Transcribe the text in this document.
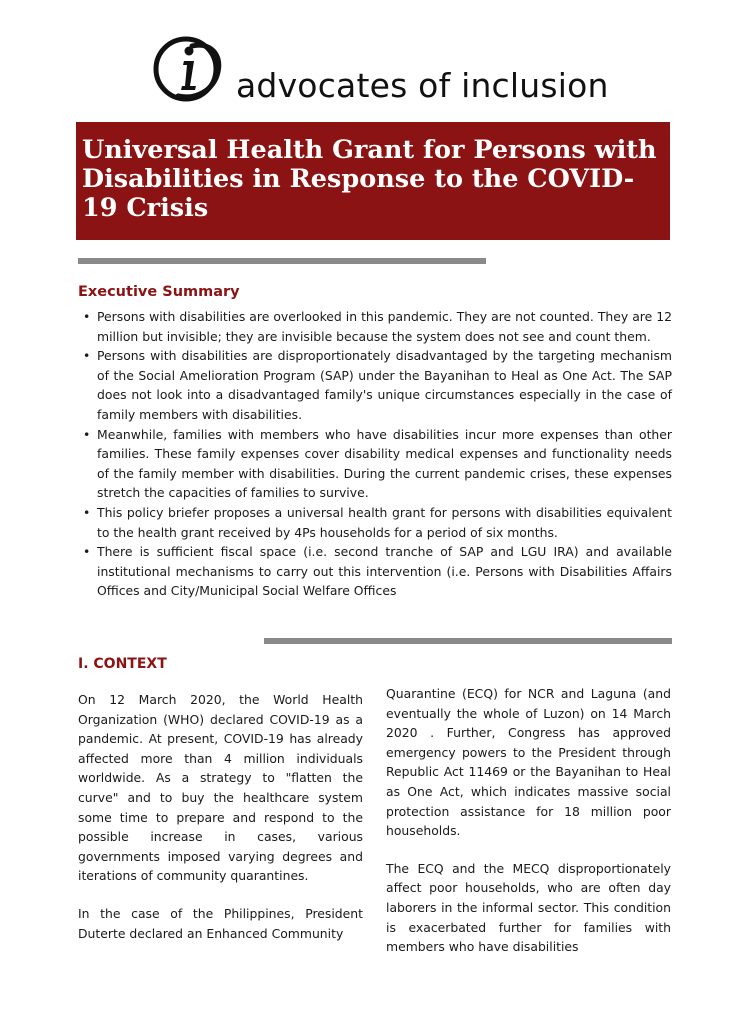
advocates of inclusion
Universal Health Grant for Persons with Disabilities in Response to the COVID-19 Crisis
Executive Summary
• Persons with disabilities are overlooked in this pandemic. They are not counted. They are 12 million but invisible; they are invisible because the system does not see and count them.
• Persons with disabilities are disproportionately disadvantaged by the targeting mechanism of the Social Amelioration Program (SAP) under the Bayanihan to Heal as One Act. The SAP does not look into a disadvantaged family's unique circumstances especially in the case of family members with disabilities.
• Meanwhile, families with members who have disabilities incur more expenses than other families. These family expenses cover disability medical expenses and functionality needs of the family member with disabilities. During the current pandemic crises, these expenses stretch the capacities of families to survive.
• This policy briefer proposes a universal health grant for persons with disabilities equivalent to the health grant received by 4Ps households for a period of six months.
• There is sufficient fiscal space (i.e. second tranche of SAP and LGU IRA) and available institutional mechanisms to carry out this intervention (i.e. Persons with Disabilities Affairs Offices and City/Municipal Social Welfare Offices
I. CONTEXT

On 12 March 2020, the World Health Organization (WHO) declared COVID-19 as a pandemic. At present, COVID-19 has already affected more than 4 million individuals worldwide. As a strategy to "flatten the curve" and to buy the healthcare system some time to prepare and respond to the possible increase in cases, various governments imposed varying degrees and iterations of community quarantines.

In the case of the Philippines, President Duterte declared an Enhanced Community

Quarantine (ECQ) for NCR and Laguna (and eventually the whole of Luzon) on 14 March 2020 . Further, Congress has approved emergency powers to the President through Republic Act 11469 or the Bayanihan to Heal as One Act, which indicates massive social protection assistance for 18 million poor households.

The ECQ and the MECQ disproportionately affect poor households, who are often day laborers in the informal sector. This condition is exacerbated further for families with members who have disabilities
